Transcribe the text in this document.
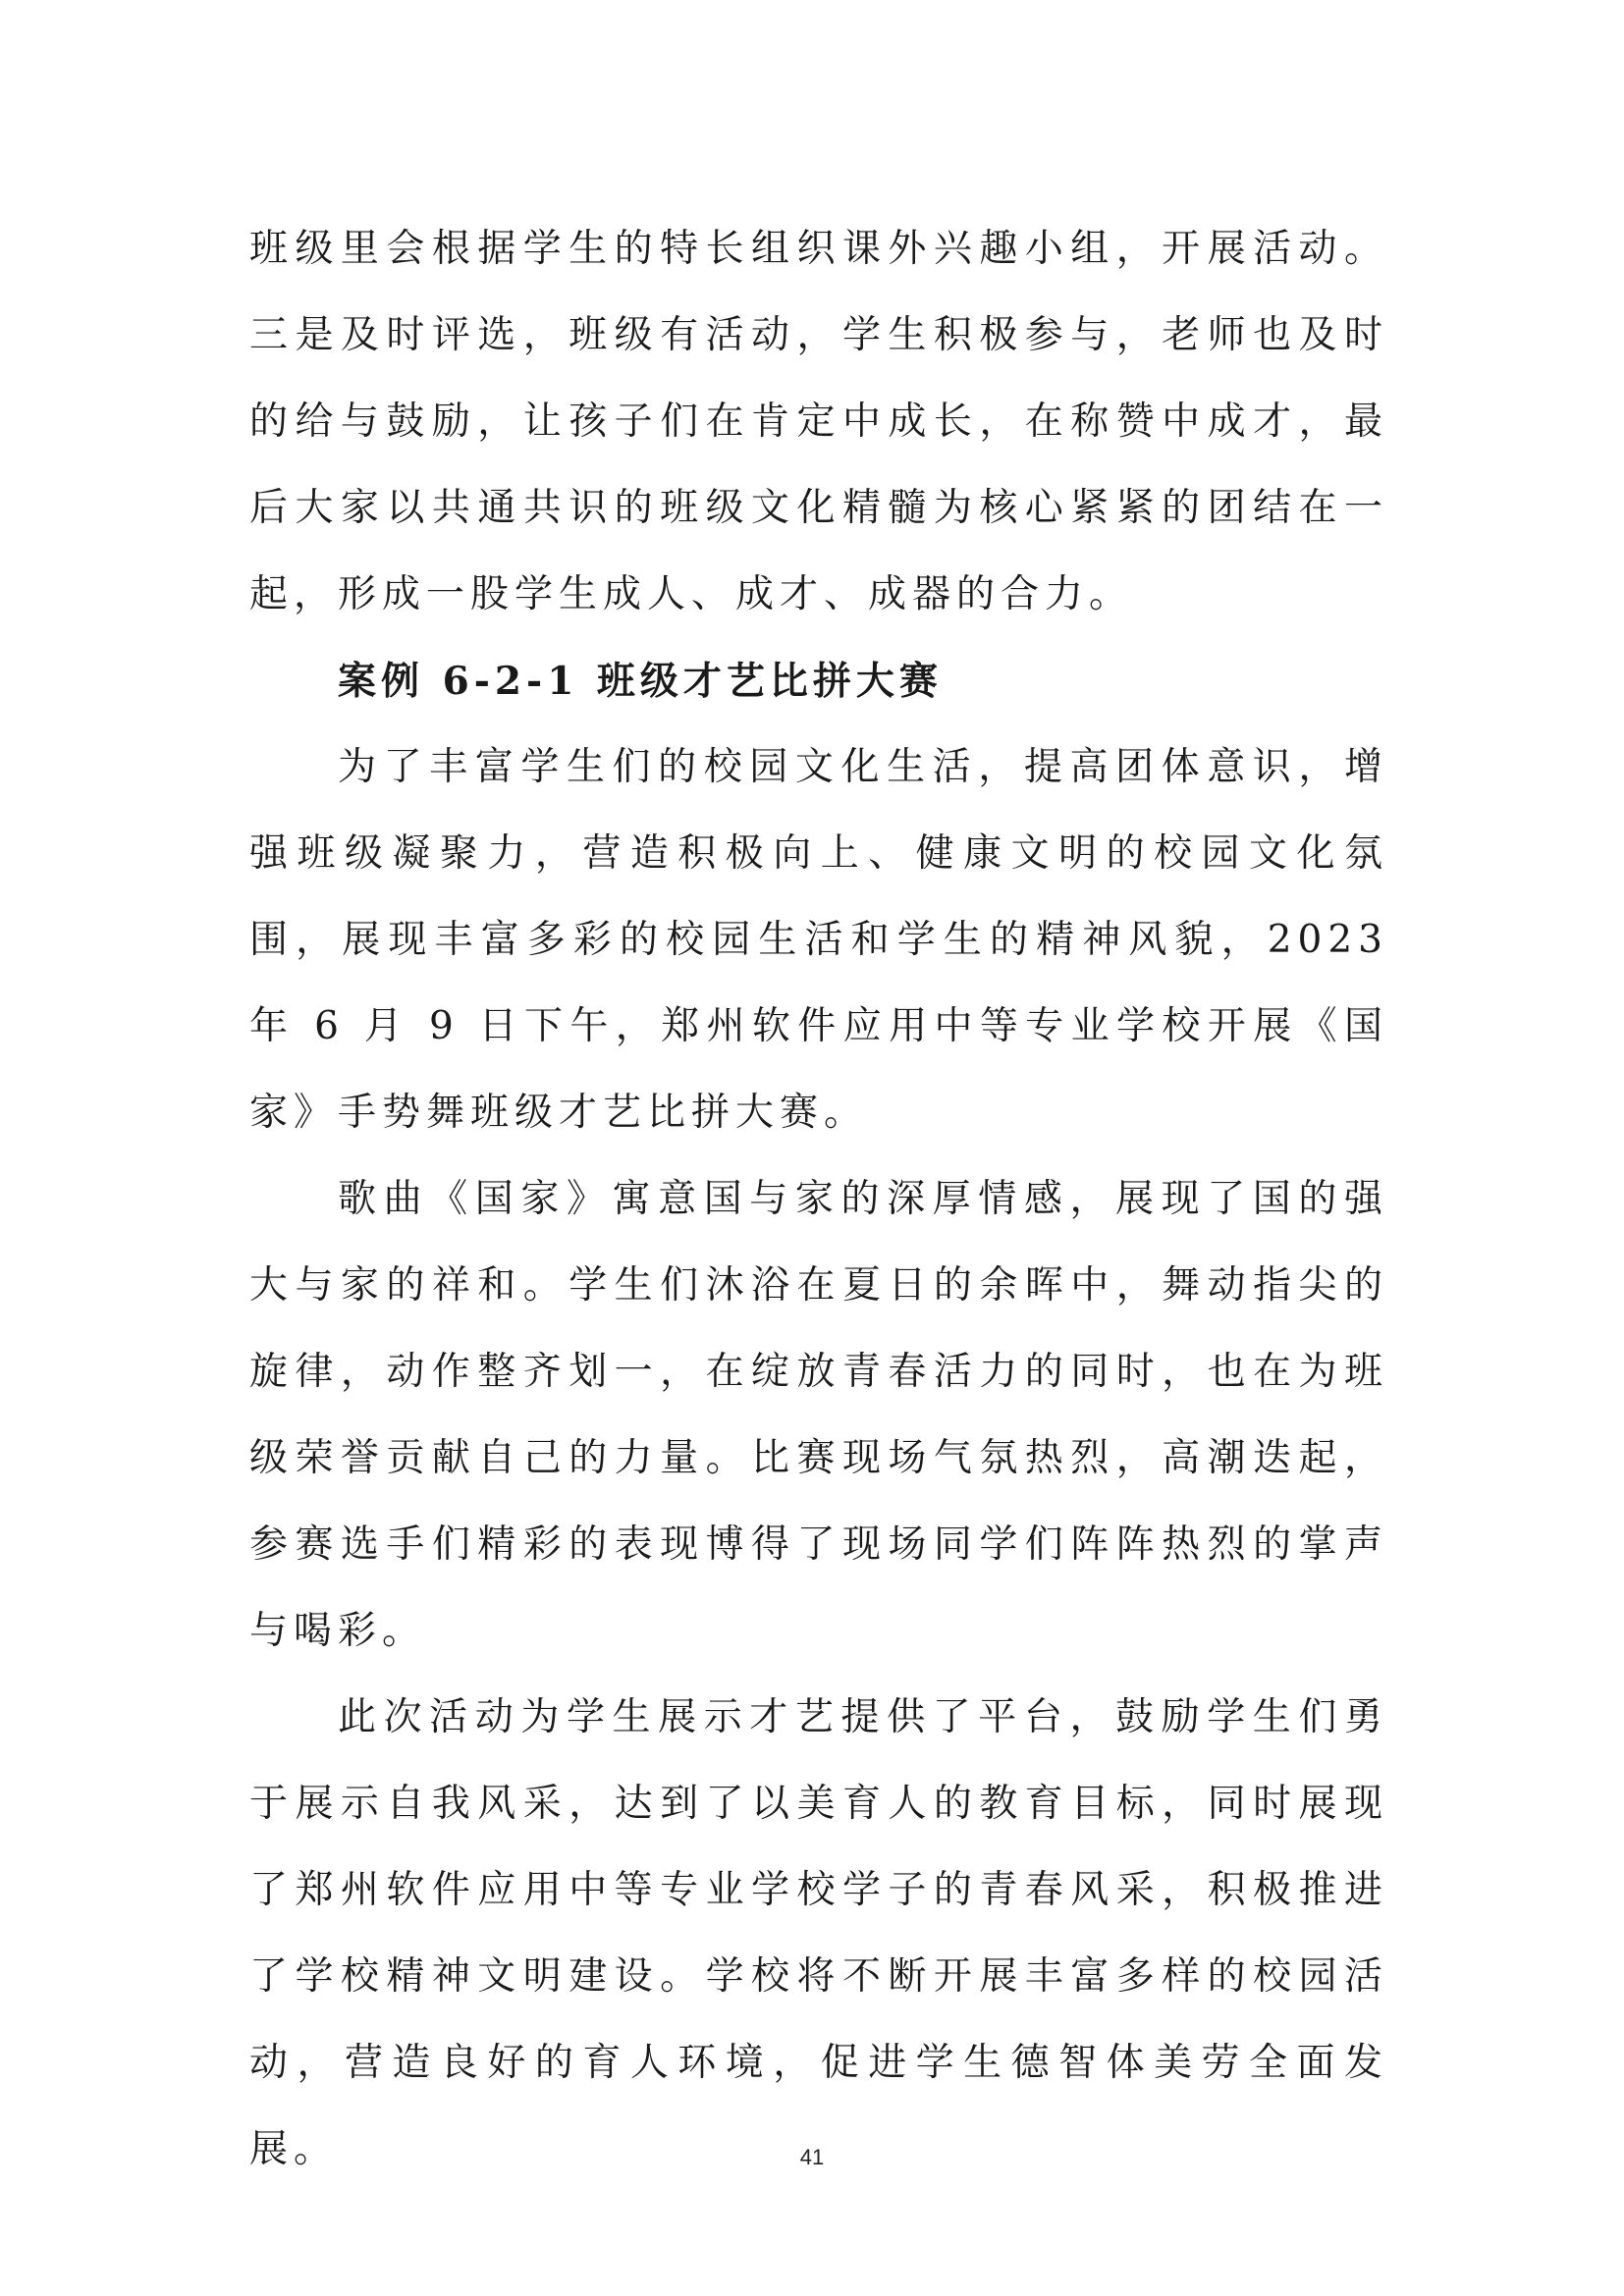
班级里会根据学生的特长组织课外兴趣小组，开展活动。三是及时评选，班级有活动，学生积极参与，老师也及时的给与鼓励，让孩子们在肯定中成长，在称赞中成才，最后大家以共通共识的班级文化精髓为核心紧紧的团结在一起，形成一股学生成人、成才、成器的合力。

案例 6-2-1 班级才艺比拼大赛

为了丰富学生们的校园文化生活，提高团体意识，增强班级凝聚力，营造积极向上、健康文明的校园文化氛围，展现丰富多彩的校园生活和学生的精神风貌，2023 年 6 月 9 日下午，郑州软件应用中等专业学校开展《国家》手势舞班级才艺比拼大赛。

歌曲《国家》寓意国与家的深厚情感，展现了国的强大与家的祥和。学生们沐浴在夏日的余晖中，舞动指尖的旋律，动作整齐划一，在绽放青春活力的同时，也在为班级荣誉贡献自己的力量。比赛现场气氛热烈，高潮迭起，参赛选手们精彩的表现博得了现场同学们阵阵热烈的掌声与喝彩。

此次活动为学生展示才艺提供了平台，鼓励学生们勇于展示自我风采，达到了以美育人的教育目标，同时展现了郑州软件应用中等专业学校学子的青春风采，积极推进了学校精神文明建设。学校将不断开展丰富多样的校园活动，营造良好的育人环境，促进学生德智体美劳全面发展。	41
